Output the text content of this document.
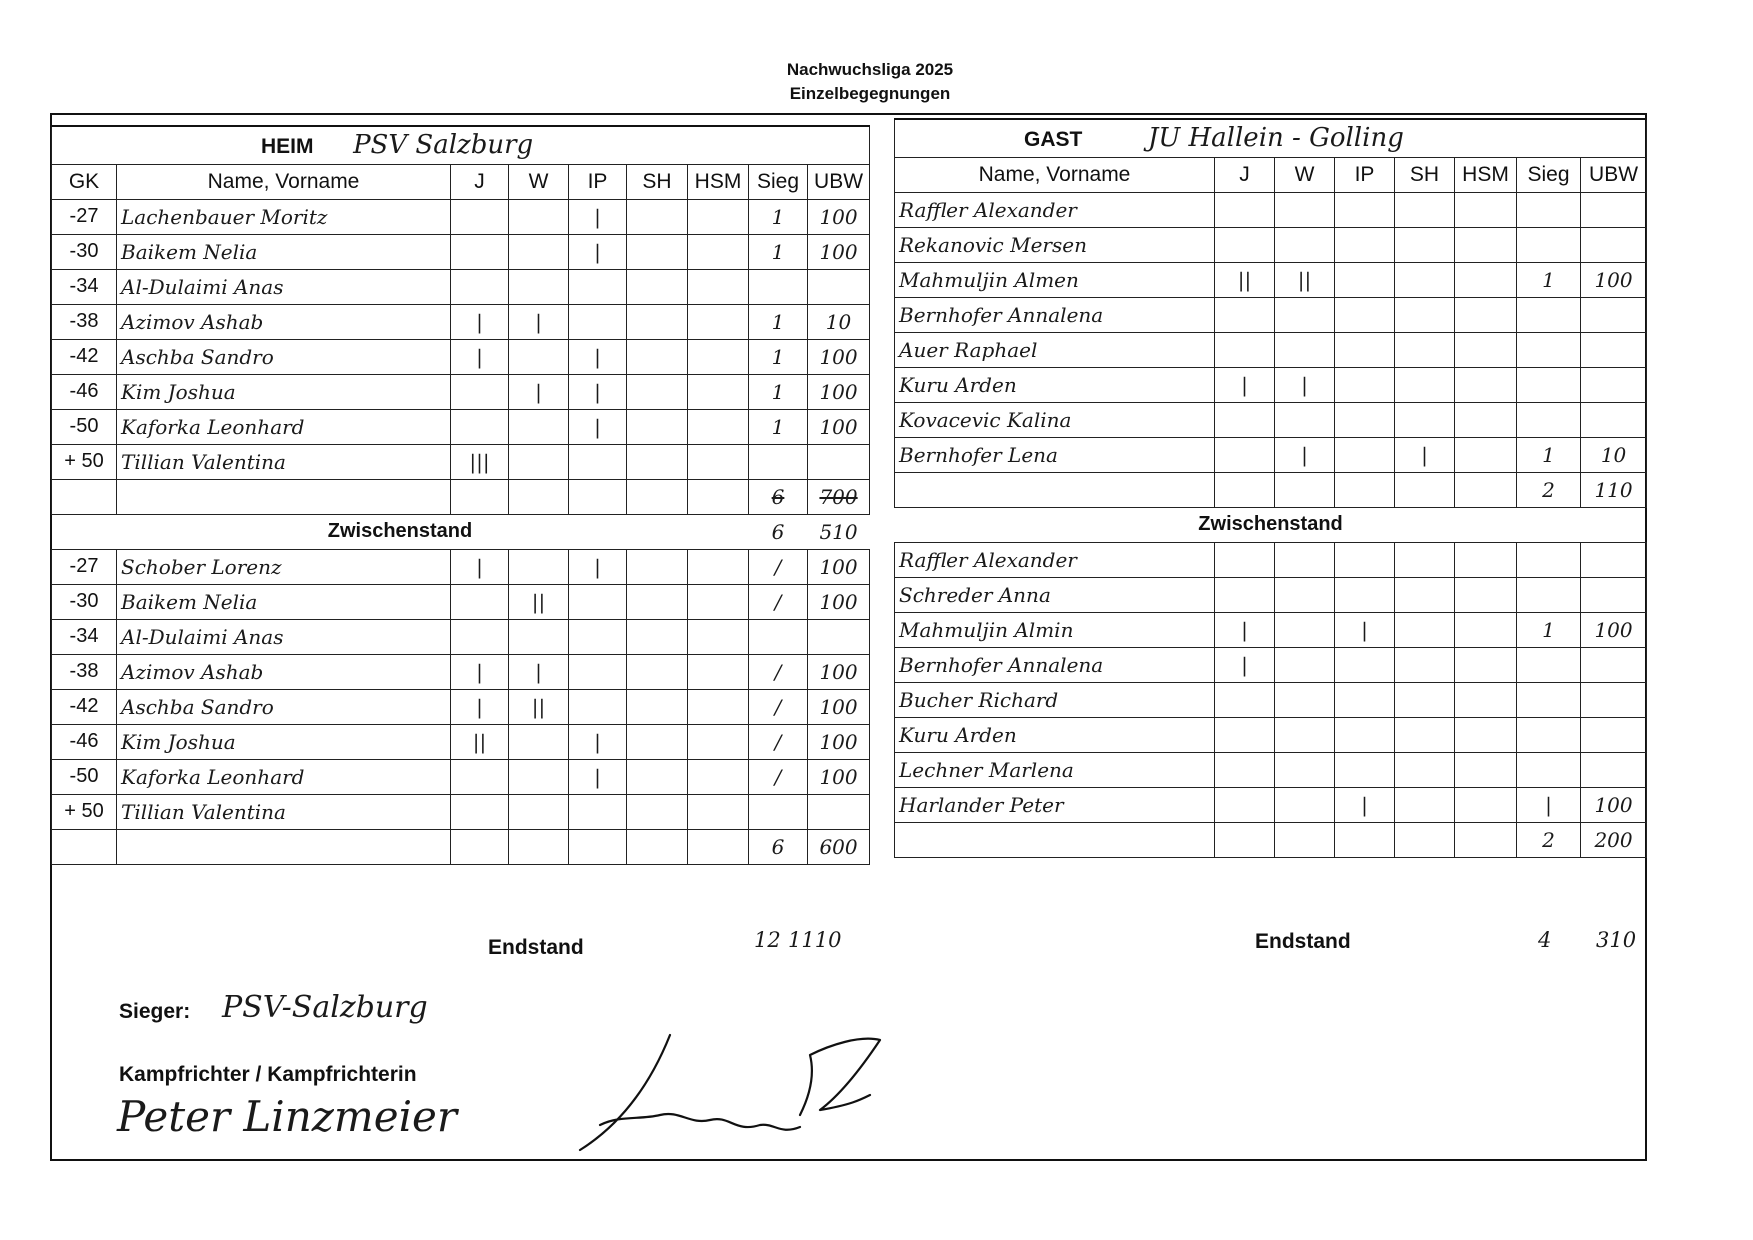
Nachwuchsliga 2025
Einzelbegegnungen
HEIM PSV Salzburg								
GK	Name, Vorname	J	W	IP	SH	HSM	Sieg	UBW
-27	Lachenbauer Moritz			|			1	100
-30	Baikem Nelia			|			1	100
-34	Al-Dulaimi Anas							
-38	Azimov Ashab	|	|				1	10
-42	Aschba Sandro	|		|			1	100
-46	Kim Joshua		|	|			1	100
-50	Kaforka Leonhard			|			1	100
+ 50	Tillian Valentina	|||						
							6	700
Zwischenstand							6	510
-27	Schober Lorenz	|		|			/	100
-30	Baikem Nelia		||				/	100
-34	Al-Dulaimi Anas							
-38	Azimov Ashab	|	|				/	100
-42	Aschba Sandro	|	||				/	100
-46	Kim Joshua	||		|			/	100
-50	Kaforka Leonhard			|			/	100
+ 50	Tillian Valentina							
							6	600
GAST JU Hallein - Golling							
Name, Vorname	J	W	IP	SH	HSM	Sieg	UBW
Raffler Alexander							
Rekanovic Mersen							
Mahmuljin Almen	||	||				1	100
Bernhofer Annalena							
Auer Raphael							
Kuru Arden	|	|					
Kovacevic Kalina							
Bernhofer Lena		|		|		1	10
						2	110
Zwischenstand							
Raffler Alexander							
Schreder Anna							
Mahmuljin Almin	|		|			1	100
Bernhofer Annalena	|						
Bucher Richard							
Kuru Arden							
Lechner Marlena							
Harlander Peter			|			|	100
						2	200
Endstand	12 1110	Endstand	4 310
Sieger: PSV-Salzburg
Kampfrichter / Kampfrichterin
Peter Linzmeier
